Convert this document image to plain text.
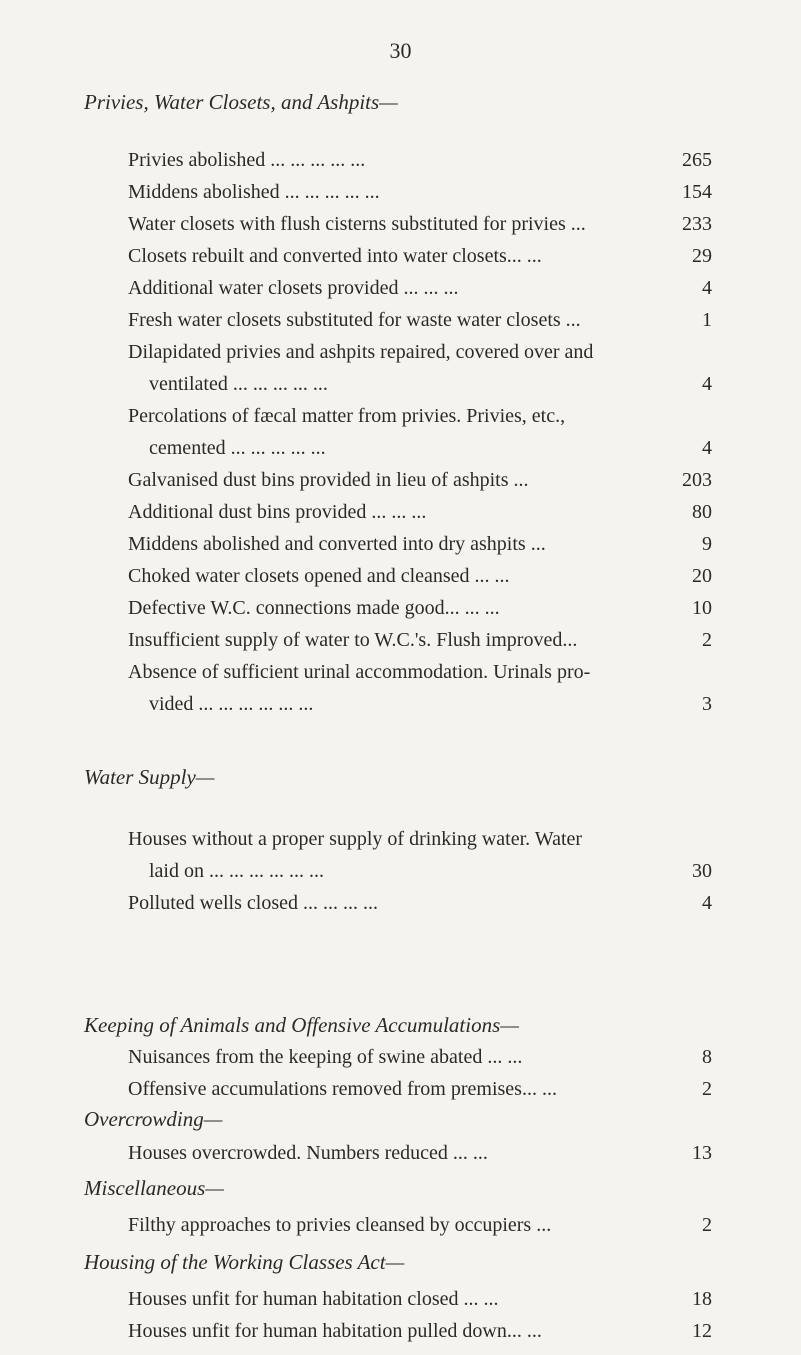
30
Privies, Water Closets, and Ashpits—
Privies abolished ... ... ... ... ...	265
Middens abolished ... ... ... ... ...	154
Water closets with flush cisterns substituted for privies ...	233
Closets rebuilt and converted into water closets... ...	29
Additional water closets provided ... ... ...	4
Fresh water closets substituted for waste water closets ...	1
Dilapidated privies and ashpits repaired, covered over and
ventilated ... ... ... ... ...	4
Percolations of fæcal matter from privies. Privies, etc.,
cemented ... ... ... ... ...	4
Galvanised dust bins provided in lieu of ashpits ...	203
Additional dust bins provided ... ... ...	80
Middens abolished and converted into dry ashpits ...	9
Choked water closets opened and cleansed ... ...	20
Defective W.C. connections made good... ... ...	10
Insufficient supply of water to W.C.'s. Flush improved...	2
Absence of sufficient urinal accommodation. Urinals pro-
vided ... ... ... ... ... ...	3
Water Supply—
Houses without a proper supply of drinking water. Water
laid on ... ... ... ... ... ...	30
Polluted wells closed ... ... ... ...	4
Keeping of Animals and Offensive Accumulations—
Nuisances from the keeping of swine abated ... ...	8
Offensive accumulations removed from premises... ...	2
Overcrowding—
Houses overcrowded. Numbers reduced ... ...	13
Miscellaneous—
Filthy approaches to privies cleansed by occupiers ...	2
Housing of the Working Classes Act—
Houses unfit for human habitation closed ... ...	18
Houses unfit for human habitation pulled down... ...	12
